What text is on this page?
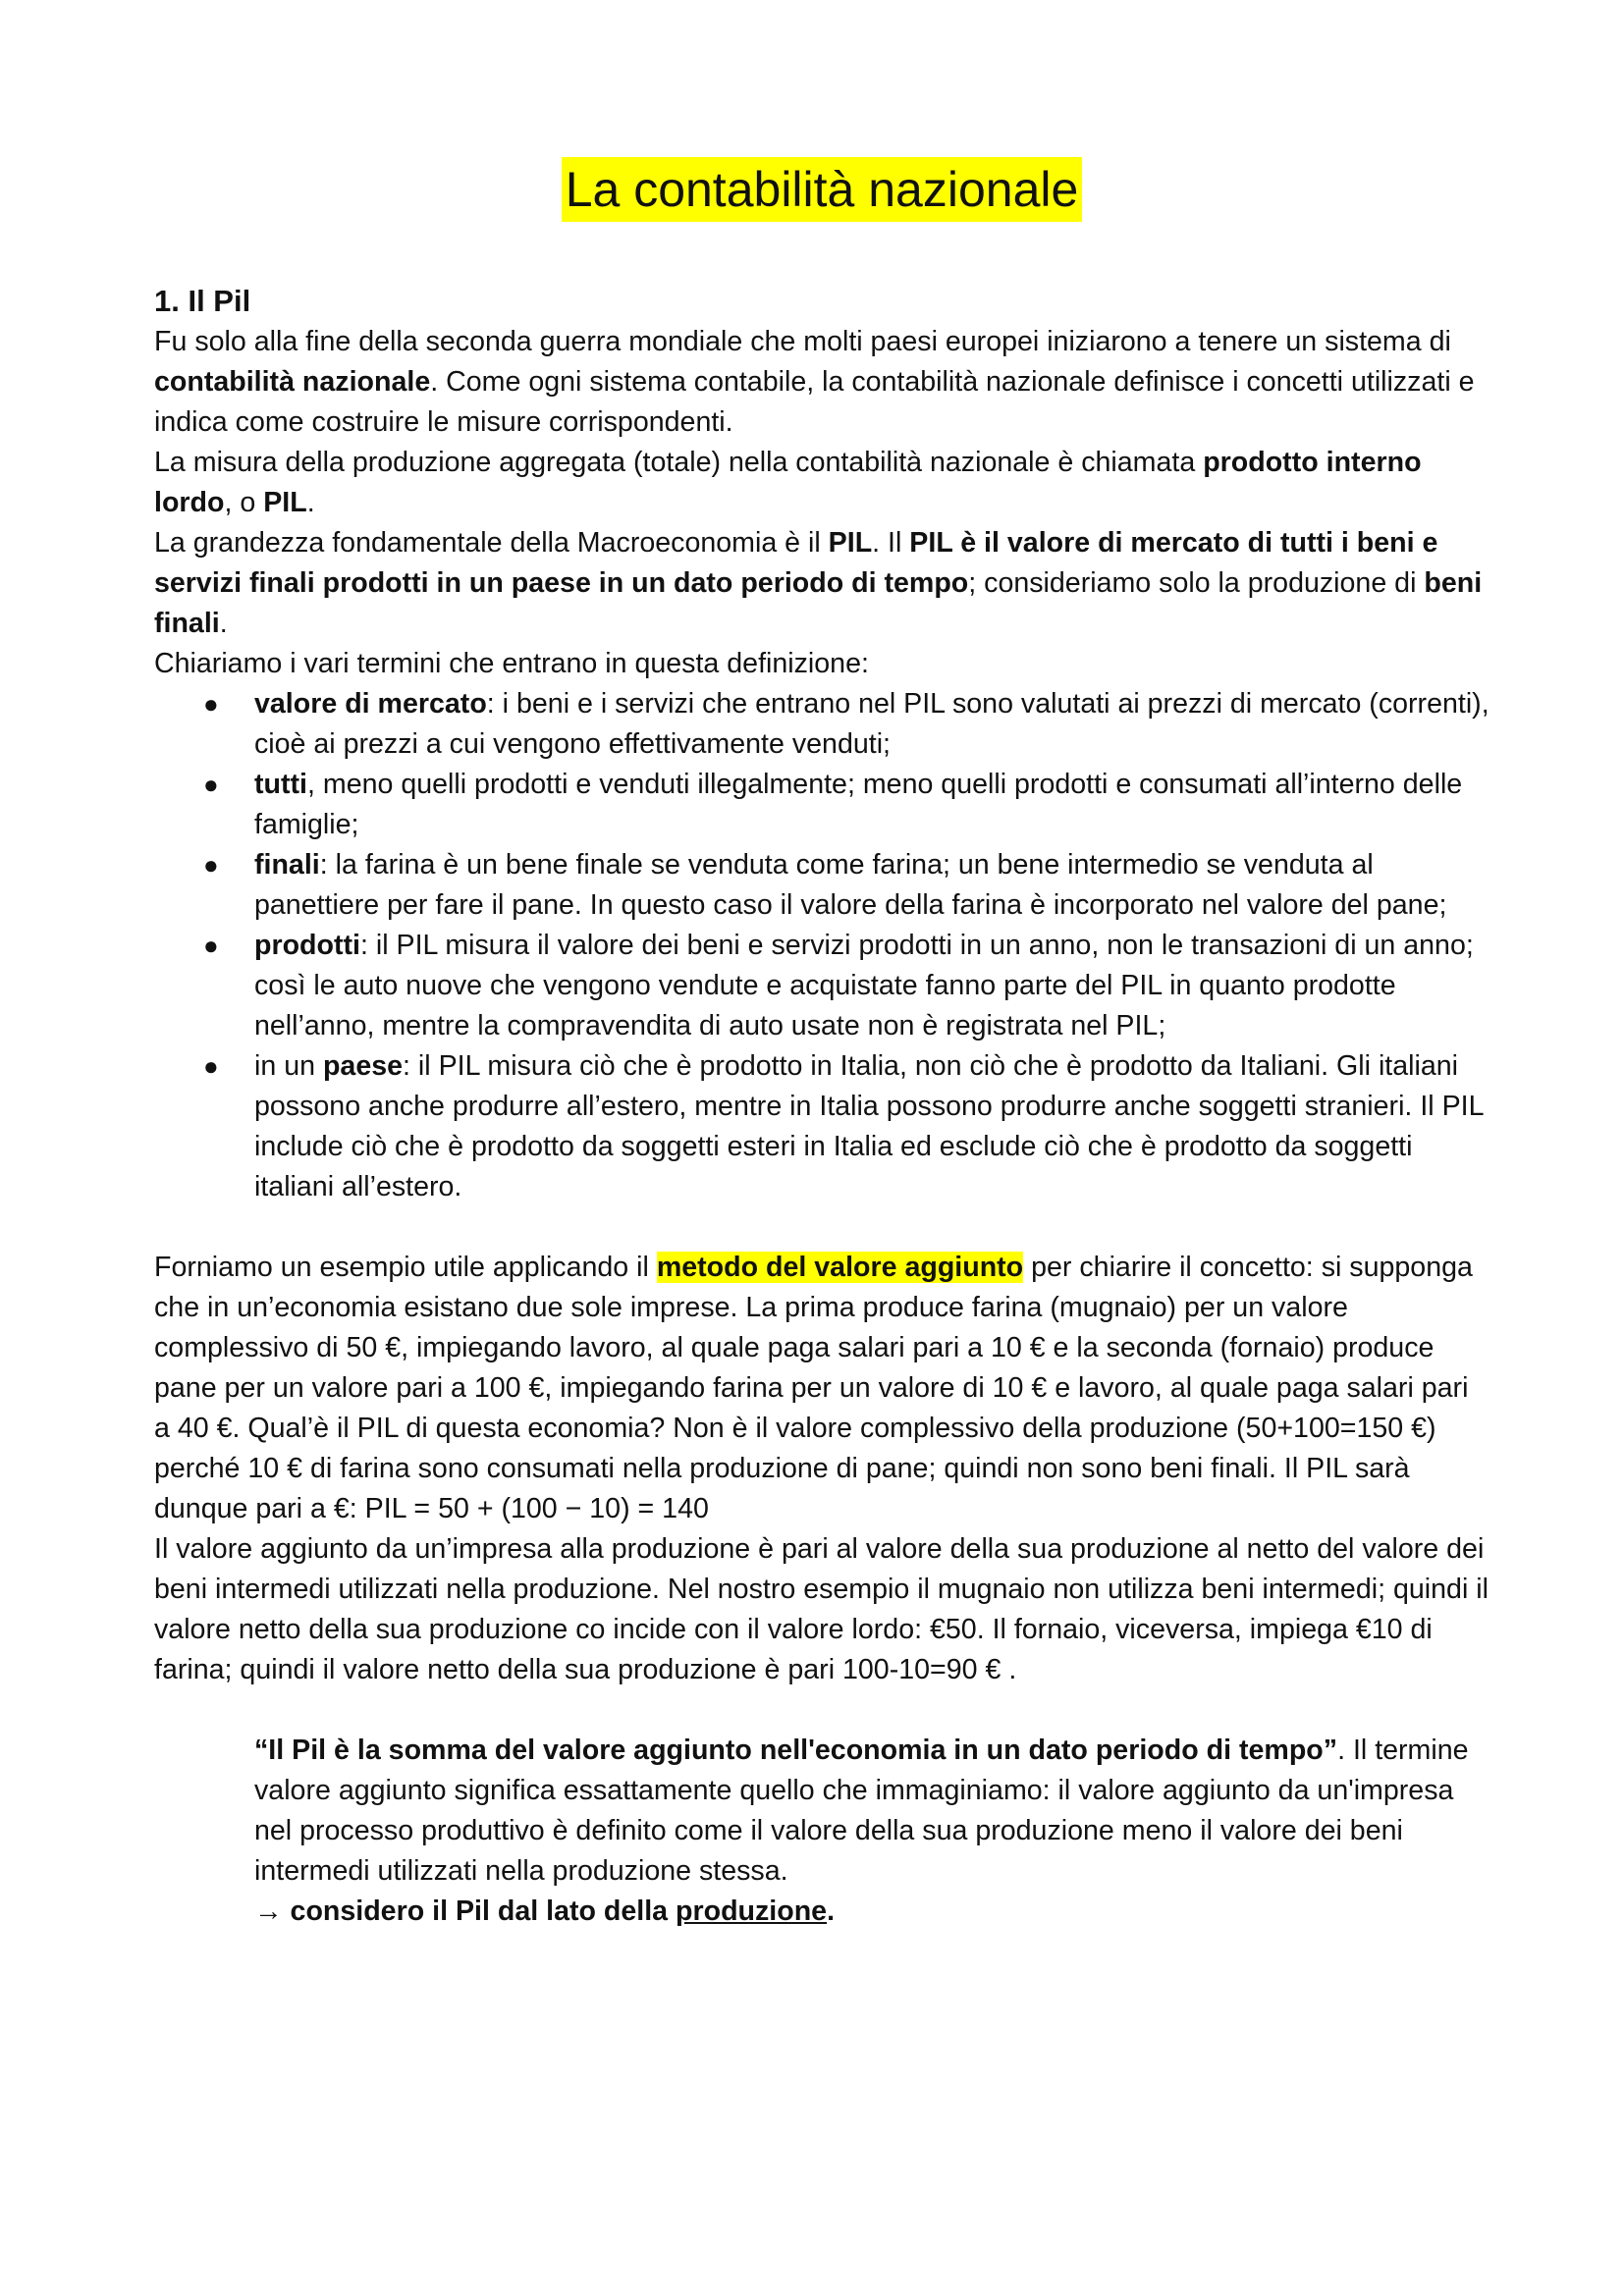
La contabilità nazionale
1. Il Pil

Fu solo alla fine della seconda guerra mondiale che molti paesi europei iniziarono a tenere un sistema di contabilità nazionale. Come ogni sistema contabile, la contabilità nazionale definisce i concetti utilizzati e indica come costruire le misure corrispondenti.

La misura della produzione aggregata (totale) nella contabilità nazionale è chiamata prodotto interno lordo, o PIL.

La grandezza fondamentale della Macroeconomia è il PIL. Il PIL è il valore di mercato di tutti i beni e servizi finali prodotti in un paese in un dato periodo di tempo; consideriamo solo la produzione di beni finali.

Chiariamo i vari termini che entrano in questa definizione:

● valore di mercato: i beni e i servizi che entrano nel PIL sono valutati ai prezzi di mercato (correnti), cioè ai prezzi a cui vengono effettivamente venduti;
● tutti, meno quelli prodotti e venduti illegalmente; meno quelli prodotti e consumati all’interno delle famiglie;
● finali: la farina è un bene finale se venduta come farina; un bene intermedio se venduta al panettiere per fare il pane. In questo caso il valore della farina è incorporato nel valore del pane;
● prodotti: il PIL misura il valore dei beni e servizi prodotti in un anno, non le transazioni di un anno; così le auto nuove che vengono vendute e acquistate fanno parte del PIL in quanto prodotte nell’anno, mentre la compravendita di auto usate non è registrata nel PIL;
● in un paese: il PIL misura ciò che è prodotto in Italia, non ciò che è prodotto da Italiani. Gli italiani possono anche produrre all’estero, mentre in Italia possono produrre anche soggetti stranieri. Il PIL include ciò che è prodotto da soggetti esteri in Italia ed esclude ciò che è prodotto da soggetti italiani all’estero.

Forniamo un esempio utile applicando il metodo del valore aggiunto per chiarire il concetto: si supponga che in un’economia esistano due sole imprese. La prima produce farina (mugnaio) per un valore complessivo di 50 €, impiegando lavoro, al quale paga salari pari a 10 € e la seconda (fornaio) produce pane per un valore pari a 100 €, impiegando farina per un valore di 10 € e lavoro, al quale paga salari pari a 40 €. Qual’è il PIL di questa economia? Non è il valore complessivo della produzione (50+100=150 €) perché 10 € di farina sono consumati nella produzione di pane; quindi non sono beni finali. Il PIL sarà dunque pari a €: PIL = 50 + (100 − 10) = 140

Il valore aggiunto da un’impresa alla produzione è pari al valore della sua produzione al netto del valore dei beni intermedi utilizzati nella produzione. Nel nostro esempio il mugnaio non utilizza beni intermedi; quindi il valore netto della sua produzione co incide con il valore lordo: €50. Il fornaio, viceversa, impiega €10 di farina; quindi il valore netto della sua produzione è pari 100-10=90 € .

“Il Pil è la somma del valore aggiunto nell'economia in un dato periodo di tempo”. Il termine valore aggiunto significa essattamente quello che immaginiamo: il valore aggiunto da un'impresa nel processo produttivo è definito come il valore della sua produzione meno il valore dei beni intermedi utilizzati nella produzione stessa.

→ considero il Pil dal lato della produzione.
